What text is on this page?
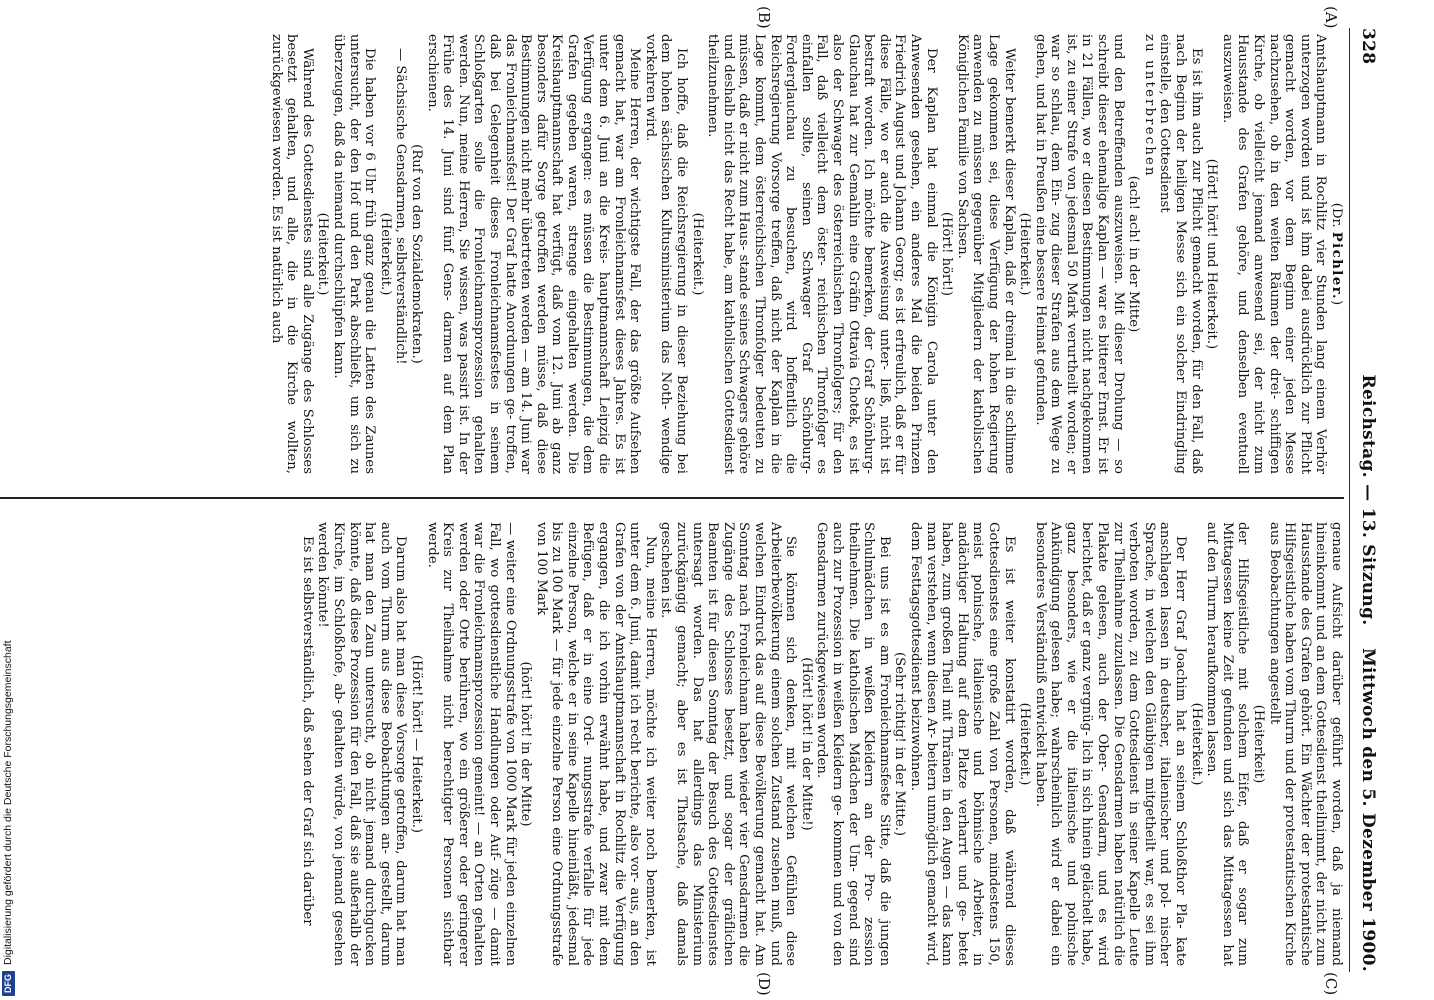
328
Reichstag. — 13. Sitzung.
Mittwoch den 5. Dezember 1900.
(A)
(B)
(C)
(D)
(Dr. Pichler.)

Amtshauptmann in Rochlitz vier Stunden lang einem Verhör unterzogen worden und ist ihm dabei ausdrücklich zur Pflicht gemacht worden, vor dem Beginn einer jeden Messe nachzusehen, ob in den weiten Räumen der drei- schiffigen Kirche, ob vielleicht jemand anwesend sei, der nicht zum Hausstande des Grafen gehöre, und denselben eventuell auszuweisen.

(Hört! hört! und Heiterkeit.)

Es ist ihm auch zur Pflicht gemacht worden, für den Fall, daß nach Beginn der heiligen Messe sich ein solcher Eindringling einstelle, den Gottesdienst

zu unterbrechen

(ach! ach! in der Mitte)

und den Betreffenden auszuweisen. Mit dieser Drohung — so schreibt dieser ehemalige Kaplan — war es bitterer Ernst. Er ist in 21 Fällen, wo er diesen Bestimmungen nicht nachgekommen ist, zu einer Strafe von jedesmal 50 Mark verurtheilt worden; er war so schlau, dem Ein- zug dieser Strafen aus dem Wege zu gehen, und hat in Preußen eine bessere Heimat gefunden.

(Heiterkeit.)

Weiter bemerkt dieser Kaplan, daß er dreimal in die schlimme Lage gekommen sei, diese Verfügung der hohen Regierung anwenden zu müssen gegenüber Mitgliedern der katholischen Königlichen Familie von Sachsen.

(Hört! hört!)

Der Kaplan hat einmal die Königin Carola unter den Anwesenden gesehen, ein anderes Mal die beiden Prinzen Friedrich August und Johann Georg; es ist erfreulich, daß er für diese Fälle, wo er auch die Ausweisung unter- ließ, nicht ist bestraft worden. Ich möchte bemerken, der Graf Schönburg-Glauchau hat zur Gemahlin eine Gräfin Ottavia Chotek, es ist also der Schwager des österreichischen Thronfolgers; für den Fall, daß vielleicht dem öster- reichischen Thronfolger es einfallen sollte, seinen Schwager Graf Schönburg-Forderglauchau zu besuchen, wird hoffentlich die Reichsregierung Vorsorge treffen, daß nicht der Kaplan in die Lage kommt, dem österreichischen Thronfolger bedeuten zu müssen, daß er nicht zum Haus- stande seines Schwagers gehöre und deshalb nicht das Recht habe, am katholischen Gottesdienst theilzunehmen.

(Heiterkeit.)

Ich hoffe, daß die Reichsregierung in dieser Beziehung bei dem hohen sächsischen Kultusministerium das Noth- wendige vorkehren wird.

Meine Herren, der wichtigste Fall, der das größte Aufsehen gemacht hat, war am Fronleichnamsfest dieses Jahres. Es ist unter dem 6. Juni an die Kreis- hauptmannschaft Leipzig die Verfügung ergangen: es müssen die Bestimmungen, die dem Grafen gegeben waren, strenge eingehalten werden. Die Kreishauptmannschaft hat verfügt, daß vom 12. Juni ab ganz besonders dafür Sorge getroffen werden müsse, daß diese Bestimmungen nicht mehr übertreten werden — am 14. Juni war das Fronleichnamsfest! Der Graf hatte Anordnungen ge- troffen, daß bei Gelegenheit dieses Fronleichnamsfestes in seinem Schloßgarten solle die Fronleichnamsprozession gehalten werden. Nun, meine Herren, Sie wissen, was passirt ist. In der Frühe des 14. Juni sind fünf Gens- darmen auf dem Plan erschienen.

(Ruf von den Sozialdemokraten.)

— Sächsische Gensdarmen, selbstverständlich!

(Heiterkeit.)

Die haben vor 6 Uhr früh ganz genau die Latten des Zaunes untersucht, der den Hof und den Park abschließt, um sich zu überzeugen, daß da niemand durchschlüpfen kann.

(Heiterkeit.)

Während des Gottesdienstes sind alle Zugänge des Schlosses besetzt gehalten, und alle, die in die Kirche wollten, zurückgewiesen worden. Es ist natürlich auch

genaue Aufsicht darüber geführt worden, daß ja niemand hineinkommt und an dem Gottesdienst theilnimmt, der nicht zum Hausstande des Grafen gehört. Ein Wächter der protestantische Hilfsgeistliche haben vom Thurm und der protestantischen Kirche aus Beobachtungen angestellt

(Heiterkeit)

der Hilfsgeistliche mit solchem Eifer, daß er sogar zum Mittagessen keine Zeit gefunden und sich das Mittagessen hat auf den Thurm heraufkommen lassen.

(Heiterkeit.)

Der Herr Graf Joachim hat an seinem Schloßthor Pla- kate anschlagen lassen in deutscher, italienischer und pol- nischer Sprache, in welchen den Gläubigen mitgetheilt war, es sei ihm verboten worden, zu dem Gottesdienst in seiner Kapelle Leute zur Theilnahme zuzulassen. Die Gensdarmen haben natürlich die Plakate gelesen, auch der Ober- Gensdarm, und es wird berichtet, daß er ganz vergnüg- lich in sich hinein gelächelt habe, ganz besonders, wie er die italienische und polnische Ankündigung gelesen habe; wahrscheinlich wird er dabei ein besonderes Verständniß entwickelt haben.

(Heiterkeit.)

Es ist weiter konstatirt worden, daß während dieses Gottesdienstes eine große Zahl von Personen, mindestens 150, meist polnische, italienische und böhmische Arbeiter, in andächtiger Haltung auf dem Platze verharrt und ge- betet haben, zum großen Theil mit Thränen in den Augen — das kann man verstehen, wenn diesen Ar- beitern unmöglich gemacht wird, dem Festtagsgottesdienst beizuwohnen.

(Sehr richtig! in der Mitte.)

Bei uns ist es am Fronleichnamsfeste Sitte, daß die jungen Schulmädchen in weißen Kleidern an der Pro- zession theilnehmen. Die katholischen Mädchen der Um- gegend sind auch zur Prozession in weißen Kleidern ge- kommen und von den Gensdarmen zurückgewiesen worden.

(Hört! hört! in der Mitte!)

Sie können sich denken, mit welchen Gefühlen diese Arbeiterbevölkerung einem solchen Zustand zusehen muß, und welchen Eindruck das auf diese Bevölkerung gemacht hat. Am Sonntag nach Fronleichnam haben wieder vier Gensdarmen die Zugänge des Schlosses besetzt, und sogar der gräflichen Beamten ist für diesen Sonntag der Besuch des Gottesdienstes untersagt worden. Das hat allerdings das Ministerium zurückgängig gemacht; aber es ist Thatsache, daß damals geschehen ist.

Nun, meine Herren, möchte ich weiter noch bemerken, ist unter dem 6. Juni, damit ich recht berichte, also vor- aus, an den Grafen von der Amtshauptmannschaft in Rochlitz die Verfügung ergangen, die ich vorhin erwähnt habe, und zwar mit dem Befügen, daß er in eine Ord- nungsstrafe verfalle für jede einzelne Person, welche er in seine Kapelle hineinläßt, jedesmal bis zu 100 Mark — für jede einzelne Person eine Ordnungsstrafe von 100 Mark

(hört! hört! in der Mitte)

— weiter eine Ordnungsstrafe von 1000 Mark für jeden einzelnen Fall, wo gottesdienstliche Handlungen oder Auf- züge — damit war die Fronleichnamsprozession gemeint! — an Orten gehalten werden oder Orte berühren, wo ein größerer oder geringerer Kreis zur Theilnahme nicht berechtigter Personen sichtbar werde.

(Hört! hört! — Heiterkeit.)

Darum also hat man diese Vorsorge getroffen, darum hat man auch vom Thurm aus diese Beobachtungen an- gestellt, darum hat man den Zaun untersucht, ob nicht jemand durchgucken könnte, daß diese Prozession für den Fall, daß sie außerhalb der Kirche, im Schloßhofe, ab- gehalten würde, von jemand gesehen werden könnte!

Es ist selbstverständlich, daß sehen der Graf sich darüber

DFGDigitalisierung gefördert durch die Deutsche Forschungsgemeinschaft
